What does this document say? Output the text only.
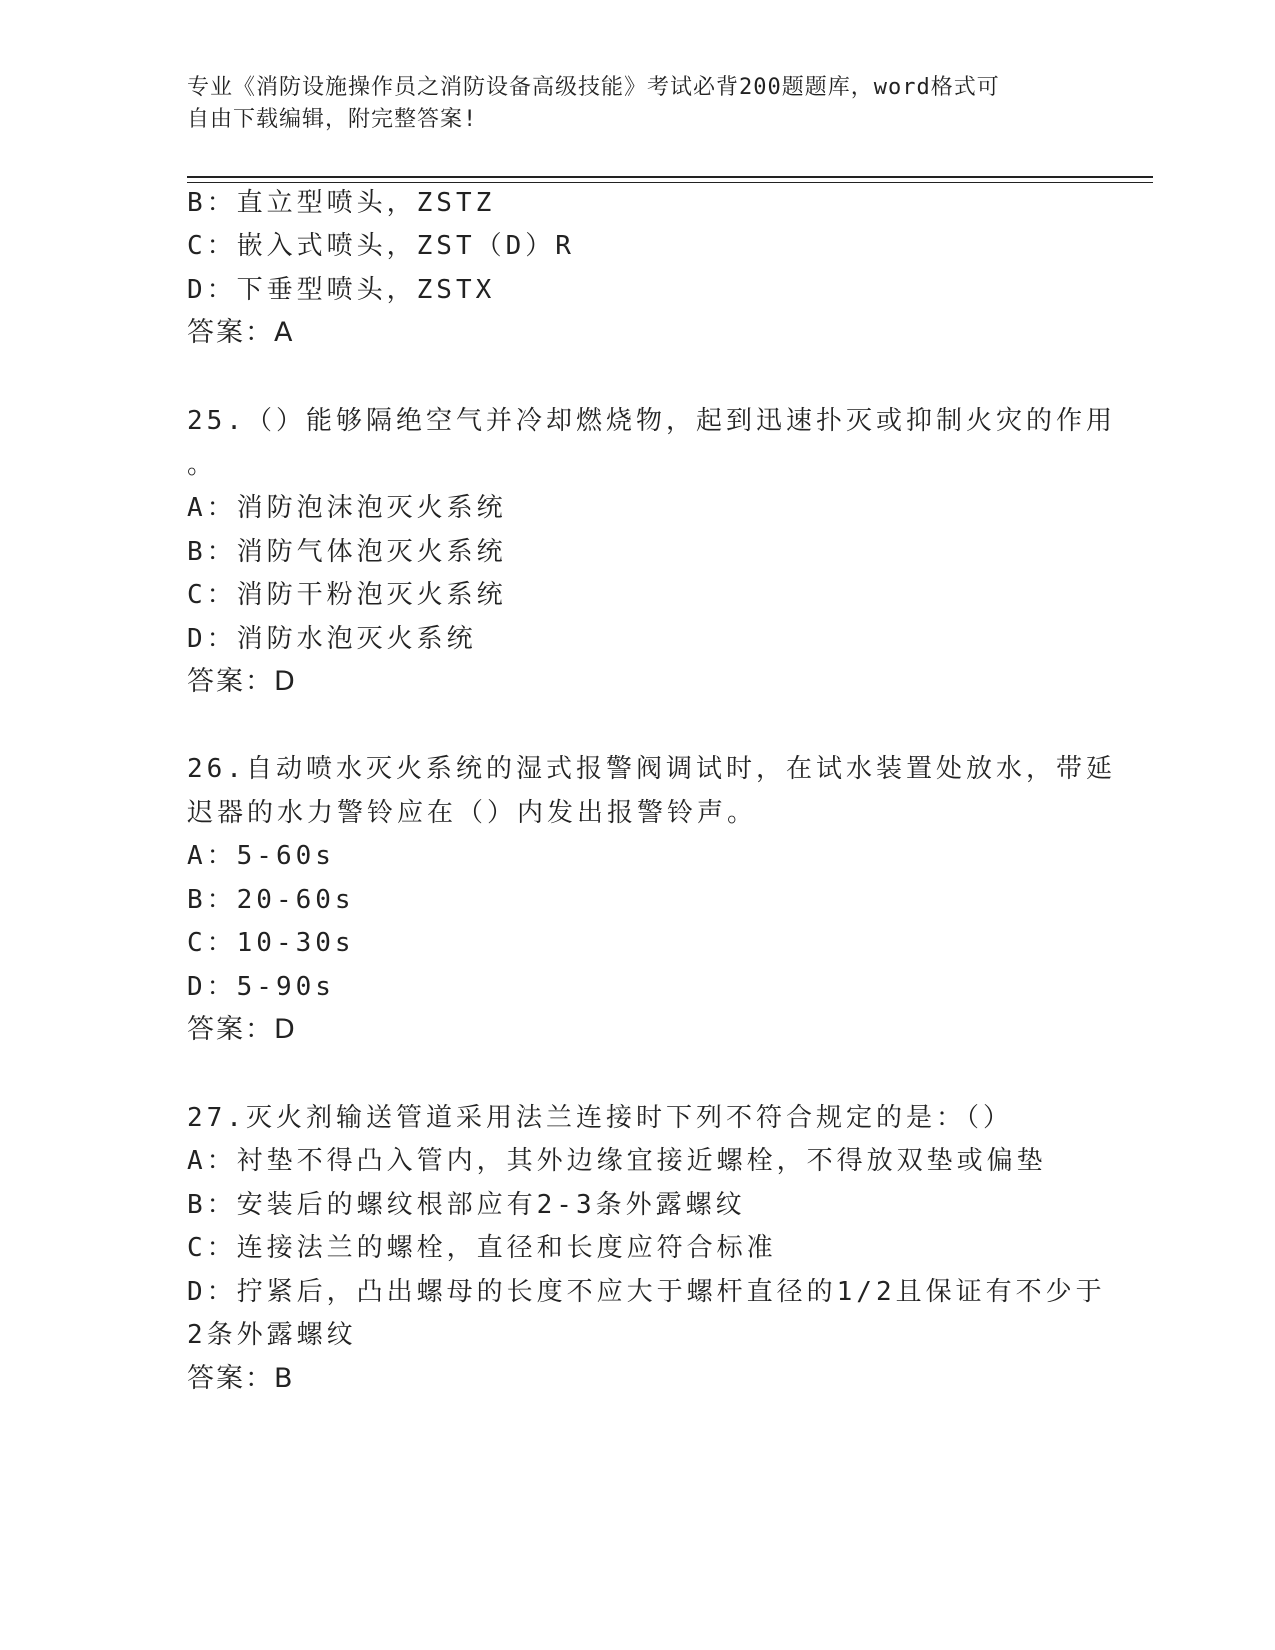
专业《消防设施操作员之消防设备高级技能》考试必背200题题库，word格式可
自由下载编辑，附完整答案!
B：直立型喷头，ZSTZ
C：嵌入式喷头，ZST（D）R
D：下垂型喷头，ZSTX
答案：A
25.（）能够隔绝空气并冷却燃烧物，起到迅速扑灭或抑制火灾的作用
。
A：消防泡沫泡灭火系统
B：消防气体泡灭火系统
C：消防干粉泡灭火系统
D：消防水泡灭火系统
答案：D
26.自动喷水灭火系统的湿式报警阀调试时，在试水装置处放水，带延
迟器的水力警铃应在（）内发出报警铃声。
A：5-60s
B：20-60s
C：10-30s
D：5-90s
答案：D
27.灭火剂输送管道采用法兰连接时下列不符合规定的是：（）
A：衬垫不得凸入管内，其外边缘宜接近螺栓，不得放双垫或偏垫
B：安装后的螺纹根部应有2-3条外露螺纹
C：连接法兰的螺栓，直径和长度应符合标准
D：拧紧后，凸出螺母的长度不应大于螺杆直径的1/2且保证有不少于
2条外露螺纹
答案：B
